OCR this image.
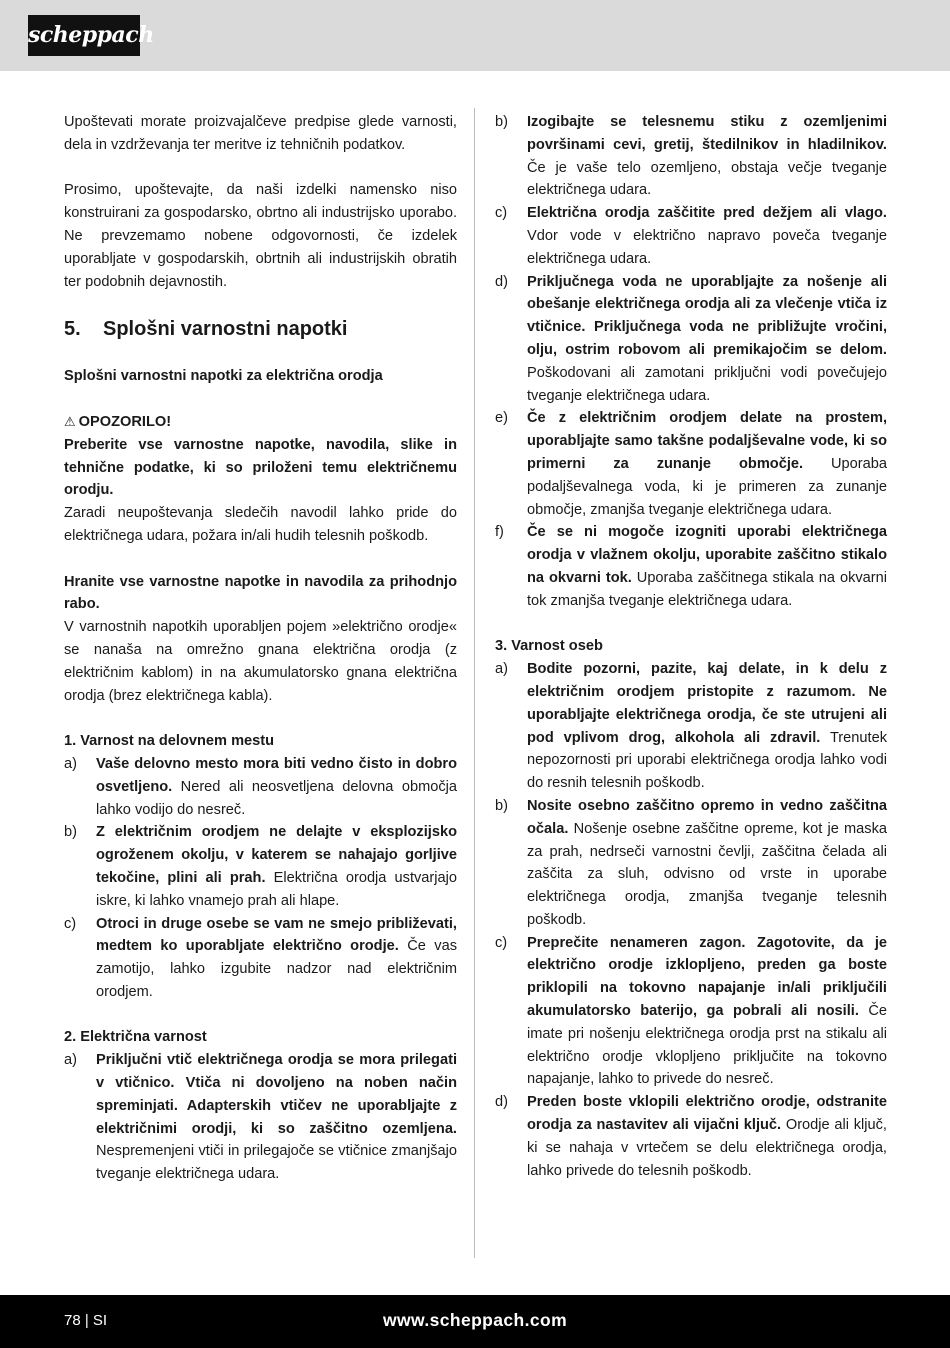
scheppach

Upoštevati morate proizvajalčeve predpise glede varnosti, dela in vzdrževanja ter meritve iz tehničnih podatkov.

Prosimo, upoštevajte, da naši izdelki namensko niso konstruirani za gospodarsko, obrtno ali industrijsko uporabo. Ne prevzemamo nobene odgovornosti, če izdelek uporabljate v gospodarskih, obrtnih ali industrijskih obratih ter podobnih dejavnostih.

5. Splošni varnostni napotki

Splošni varnostni napotki za električna orodja

⚠ OPOZORILO!

Preberite vse varnostne napotke, navodila, slike in tehnične podatke, ki so priloženi temu električnemu orodju.

Zaradi neupoštevanja sledečih navodil lahko pride do električnega udara, požara in/ali hudih telesnih poškodb.

Hranite vse varnostne napotke in navodila za prihodnjo rabo.

V varnostnih napotkih uporabljen pojem »električno orodje« se nanaša na omrežno gnana električna orodja (z električnim kablom) in na akumulatorsko gnana električna orodja (brez električnega kabla).

1. Varnost na delovnem mestu

a) Vaše delovno mesto mora biti vedno čisto in dobro osvetljeno. Nered ali neosvetljena delovna območja lahko vodijo do nesreč.
b) Z električnim orodjem ne delajte v eksplozijsko ogroženem okolju, v katerem se nahajajo gorljive tekočine, plini ali prah. Električna orodja ustvarjajo iskre, ki lahko vnamejo prah ali hlape.
c) Otroci in druge osebe se vam ne smejo približevati, medtem ko uporabljate električno orodje. Če vas zamotijo, lahko izgubite nadzor nad električnim orodjem.

2. Električna varnost

a) Priključni vtič električnega orodja se mora prilegati v vtičnico. Vtiča ni dovoljeno na noben način spreminjati. Adapterskih vtičev ne uporabljajte z električnimi orodji, ki so zaščitno ozemljena. Nespremenjeni vtiči in prilegajoče se vtičnice zmanjšajo tveganje električnega udara.
b) Izogibajte se telesnemu stiku z ozemljenimi površinami cevi, gretij, štedilnikov in hladilnikov. Če je vaše telo ozemljeno, obstaja večje tveganje električnega udara.
c) Električna orodja zaščitite pred dežjem ali vlago. Vdor vode v električno napravo poveča tveganje električnega udara.
d) Priključnega voda ne uporabljajte za nošenje ali obešanje električnega orodja ali za vlečenje vtiča iz vtičnice. Priključnega voda ne približujte vročini, olju, ostrim robovom ali premikajočim se delom. Poškodovani ali zamotani priključni vodi povečujejo tveganje električnega udara.
e) Če z električnim orodjem delate na prostem, uporabljajte samo takšne podaljševalne vode, ki so primerni za zunanje območje. Uporaba podaljševalnega voda, ki je primeren za zunanje območje, zmanjša tveganje električnega udara.
f) Če se ni mogoče izogniti uporabi električnega orodja v vlažnem okolju, uporabite zaščitno stikalo na okvarni tok. Uporaba zaščitnega stikala na okvarni tok zmanjša tveganje električnega udara.

3. Varnost oseb

a) Bodite pozorni, pazite, kaj delate, in k delu z električnim orodjem pristopite z razumom. Ne uporabljajte električnega orodja, če ste utrujeni ali pod vplivom drog, alkohola ali zdravil. Trenutek nepozornosti pri uporabi električnega orodja lahko vodi do resnih telesnih poškodb.
b) Nosite osebno zaščitno opremo in vedno zaščitna očala. Nošenje osebne zaščitne opreme, kot je maska za prah, nedrseči varnostni čevlji, zaščitna čelada ali zaščita za sluh, odvisno od vrste in uporabe električnega orodja, zmanjša tveganje telesnih poškodb.
c) Preprečite nenameren zagon. Zagotovite, da je električno orodje izklopljeno, preden ga boste priklopili na tokovno napajanje in/ali priključili akumulatorsko baterijo, ga pobrali ali nosili. Če imate pri nošenju električnega orodja prst na stikalu ali električno orodje vklopljeno priključite na tokovno napajanje, lahko to privede do nesreč.
d) Preden boste vklopili električno orodje, odstranite orodja za nastavitev ali vijačni ključ. Orodje ali ključ, ki se nahaja v vrtečem se delu električnega orodja, lahko privede do telesnih poškodb.
78 | SI	www.scheppach.com
